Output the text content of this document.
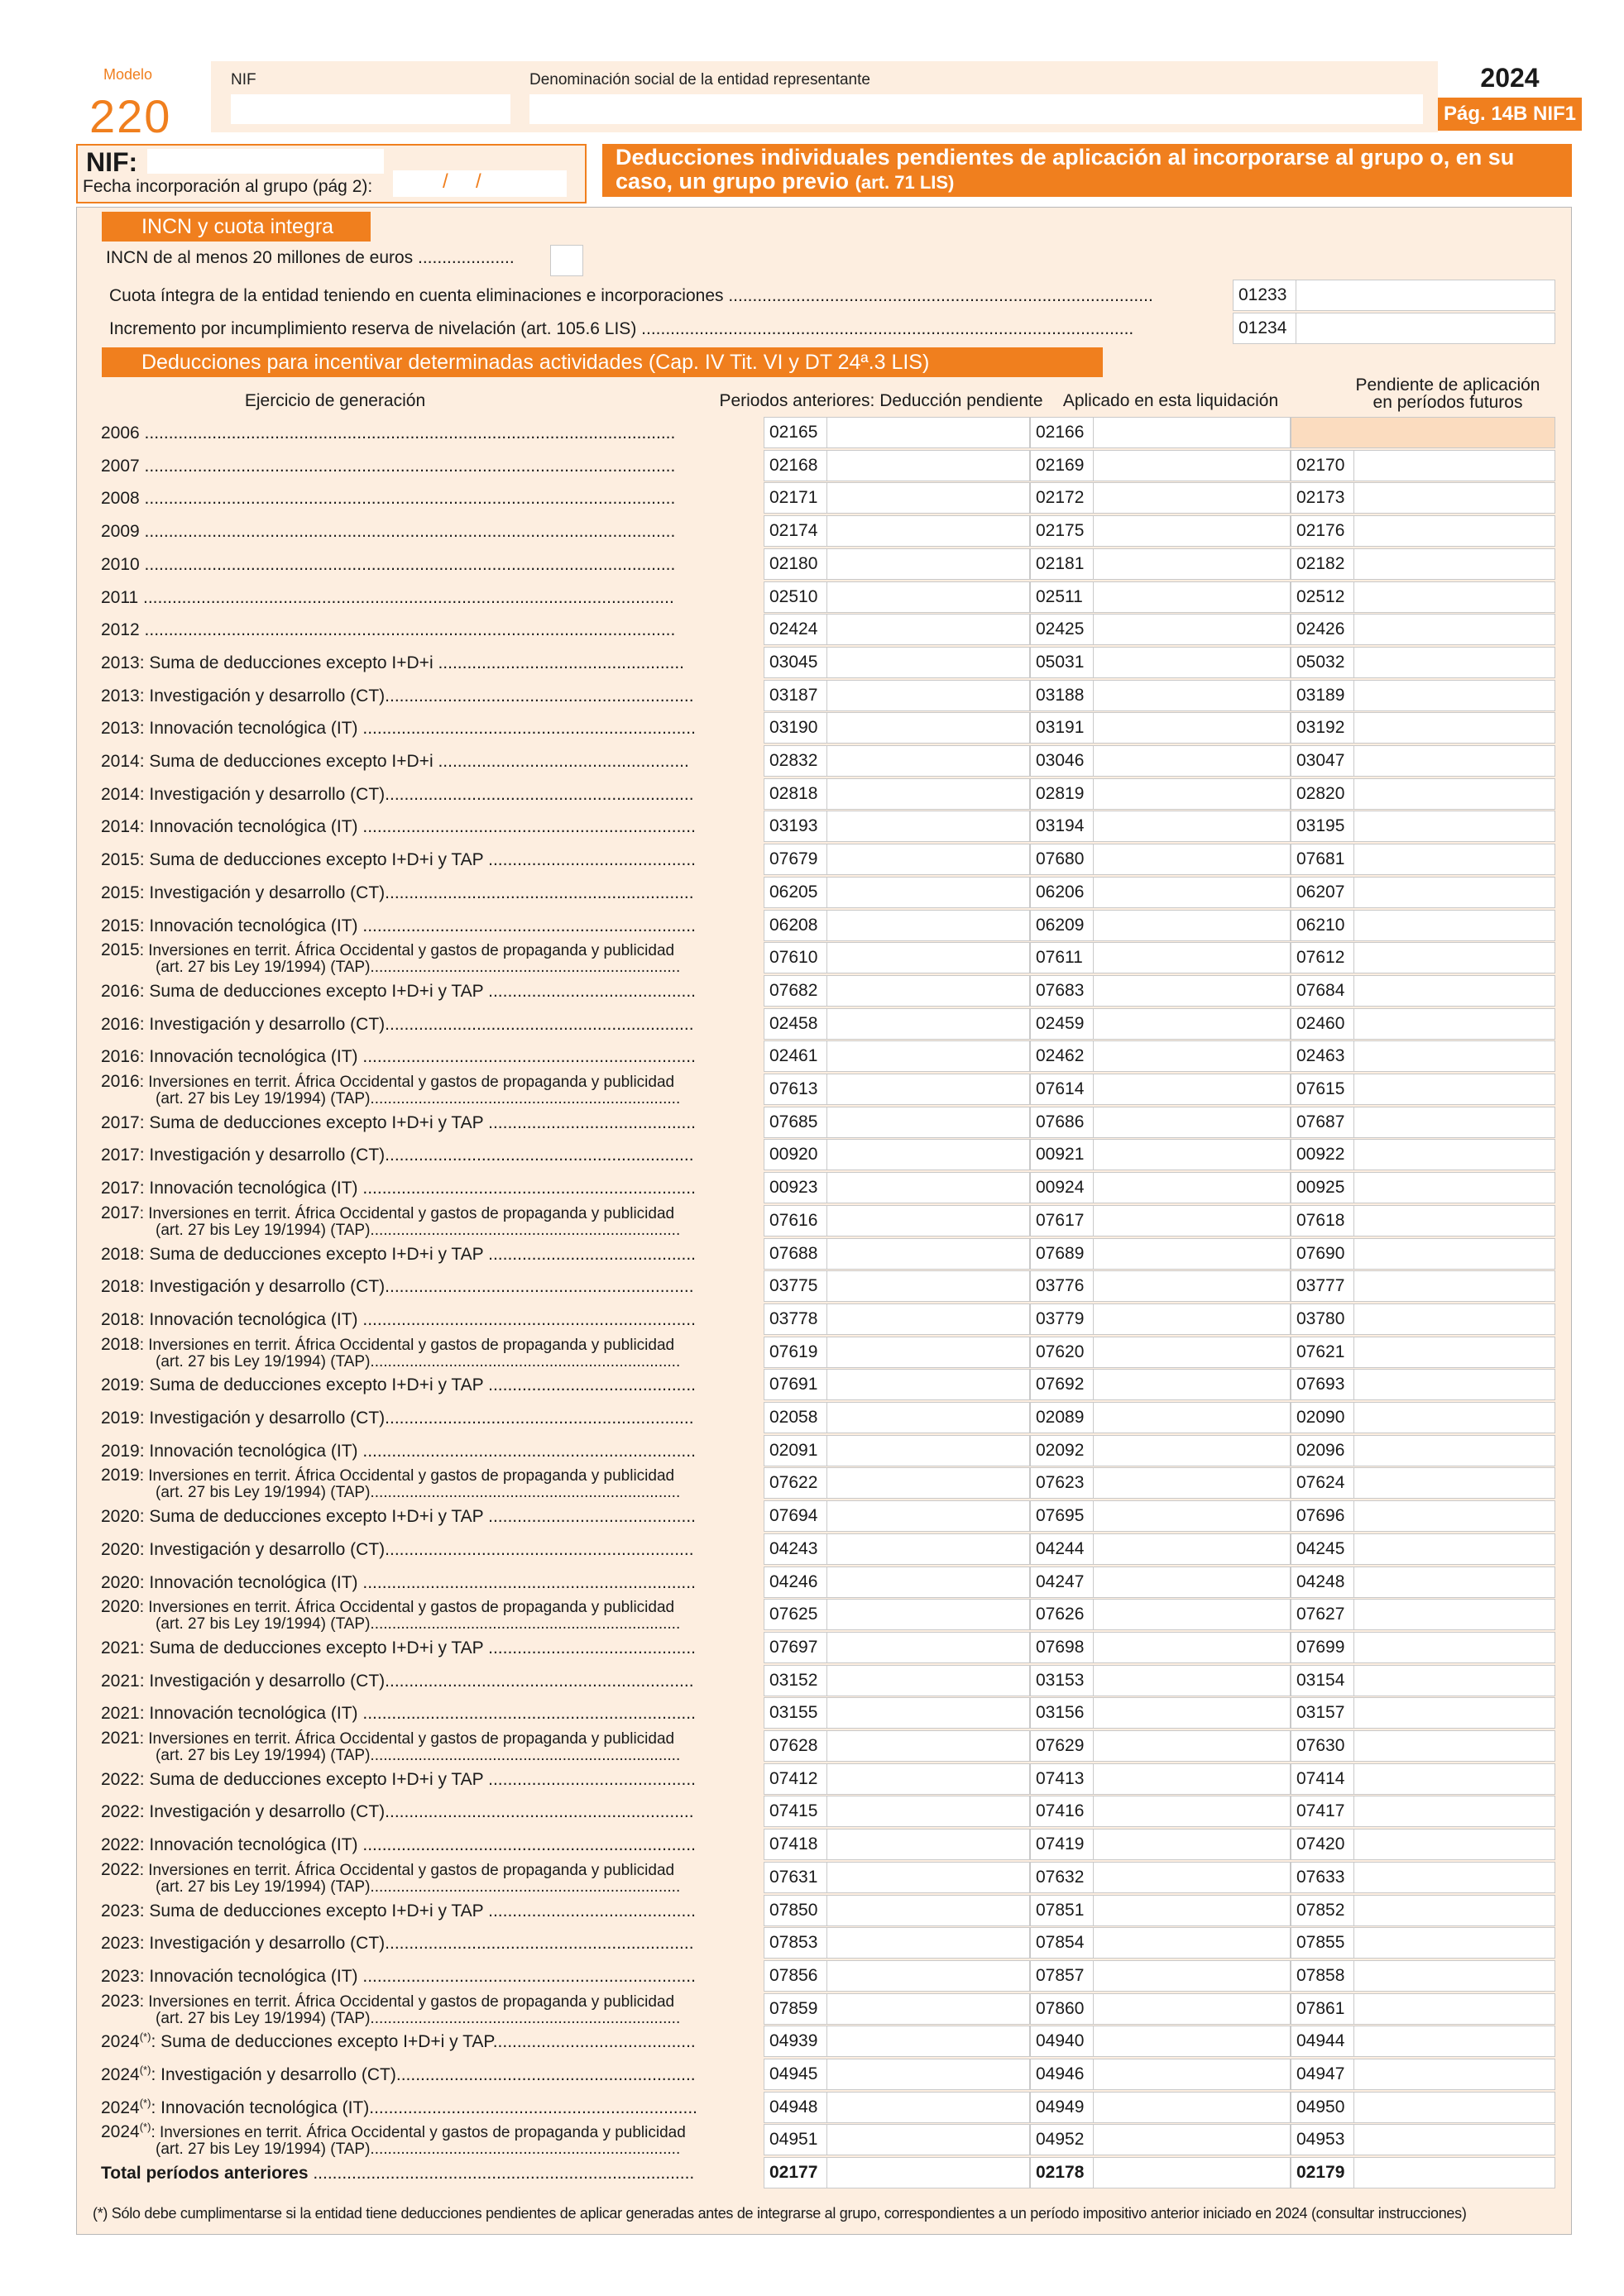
Modelo
220
NIF	Denominación social de la entidad representante	2024
Pág. 14B NIF1
NIF:
Fecha incorporación al grupo (pág 2):	/     /
Deducciones individuales pendientes de aplicación al incorporarse al grupo o, en su caso, un grupo previo (art. 71 LIS)
INCN y cuota integra
INCN de al menos 20 millones de euros ....................
Cuota íntegra de la entidad teniendo en cuenta eliminaciones e incorporaciones ........................................................................................	01233
Incremento por incumplimiento reserva de nivelación (art. 105.6 LIS) ......................................................................................................	01234
Deducciones para incentivar determinadas actividades (Cap. IV Tit. VI y DT 24ª.3 LIS)
Ejercicio de generación	Periodos anteriores: Deducción pendiente	Aplicado en esta liquidación
Pendiente de aplicación
en períodos futuros
2006 ..............................................................................................................	02165	02166
2007 ..............................................................................................................	02168	02169	02170
2008 ..............................................................................................................	02171	02172	02173
2009 ..............................................................................................................	02174	02175	02176
2010 ..............................................................................................................	02180	02181	02182
2011 ..............................................................................................................	02510	02511	02512
2012 ..............................................................................................................	02424	02425	02426
2013: Suma de deducciones excepto I+D+i ...................................................	03045	05031	05032
2013: Investigación y desarrollo (CT)................................................................	03187	03188	03189
2013: Innovación tecnológica (IT) .....................................................................	03190	03191	03192
2014: Suma de deducciones excepto I+D+i ....................................................	02832	03046	03047
2014: Investigación y desarrollo (CT)................................................................	02818	02819	02820
2014: Innovación tecnológica (IT) .....................................................................	03193	03194	03195
2015: Suma de deducciones excepto I+D+i y TAP ...........................................	07679	07680	07681
2015: Investigación y desarrollo (CT)................................................................	06205	06206	06207
2015: Innovación tecnológica (IT) .....................................................................	06208	06209	06210
2015: Inversiones en territ. África Occidental y gastos de propaganda y publicidad
(art. 27 bis Ley 19/1994) (TAP).......................................................................
07610	07611	07612
2016: Suma de deducciones excepto I+D+i y TAP ...........................................	07682	07683	07684
2016: Investigación y desarrollo (CT)................................................................	02458	02459	02460
2016: Innovación tecnológica (IT) .....................................................................	02461	02462	02463
2016: Inversiones en territ. África Occidental y gastos de propaganda y publicidad
(art. 27 bis Ley 19/1994) (TAP).......................................................................
07613	07614	07615
2017: Suma de deducciones excepto I+D+i y TAP ...........................................	07685	07686	07687
2017: Investigación y desarrollo (CT)................................................................	00920	00921	00922
2017: Innovación tecnológica (IT) .....................................................................	00923	00924	00925
2017: Inversiones en territ. África Occidental y gastos de propaganda y publicidad
(art. 27 bis Ley 19/1994) (TAP).......................................................................
07616	07617	07618
2018: Suma de deducciones excepto I+D+i y TAP ...........................................	07688	07689	07690
2018: Investigación y desarrollo (CT)................................................................	03775	03776	03777
2018: Innovación tecnológica (IT) .....................................................................	03778	03779	03780
2018: Inversiones en territ. África Occidental y gastos de propaganda y publicidad
(art. 27 bis Ley 19/1994) (TAP).......................................................................
07619	07620	07621
2019: Suma de deducciones excepto I+D+i y TAP ...........................................	07691	07692	07693
2019: Investigación y desarrollo (CT)................................................................	02058	02089	02090
2019: Innovación tecnológica (IT) .....................................................................	02091	02092	02096
2019: Inversiones en territ. África Occidental y gastos de propaganda y publicidad
(art. 27 bis Ley 19/1994) (TAP).......................................................................
07622	07623	07624
2020: Suma de deducciones excepto I+D+i y TAP ...........................................	07694	07695	07696
2020: Investigación y desarrollo (CT)................................................................	04243	04244	04245
2020: Innovación tecnológica (IT) .....................................................................	04246	04247	04248
2020: Inversiones en territ. África Occidental y gastos de propaganda y publicidad
(art. 27 bis Ley 19/1994) (TAP).......................................................................
07625	07626	07627
2021: Suma de deducciones excepto I+D+i y TAP ...........................................	07697	07698	07699
2021: Investigación y desarrollo (CT)................................................................	03152	03153	03154
2021: Innovación tecnológica (IT) .....................................................................	03155	03156	03157
2021: Inversiones en territ. África Occidental y gastos de propaganda y publicidad
(art. 27 bis Ley 19/1994) (TAP).......................................................................
07628	07629	07630
2022: Suma de deducciones excepto I+D+i y TAP ...........................................	07412	07413	07414
2022: Investigación y desarrollo (CT)................................................................	07415	07416	07417
2022: Innovación tecnológica (IT) .....................................................................	07418	07419	07420
2022: Inversiones en territ. África Occidental y gastos de propaganda y publicidad
(art. 27 bis Ley 19/1994) (TAP).......................................................................
07631	07632	07633
2023: Suma de deducciones excepto I+D+i y TAP ...........................................	07850	07851	07852
2023: Investigación y desarrollo (CT)................................................................	07853	07854	07855
2023: Innovación tecnológica (IT) .....................................................................	07856	07857	07858
2023: Inversiones en territ. África Occidental y gastos de propaganda y publicidad
(art. 27 bis Ley 19/1994) (TAP).......................................................................
07859	07860	07861
2024(*): Suma de deducciones excepto I+D+i y TAP..........................................	04939	04940	04944
2024(*): Investigación y desarrollo (CT)..............................................................	04945	04946	04947
2024(*): Innovación tecnológica (IT)....................................................................	04948	04949	04950
2024(*): Inversiones en territ. África Occidental y gastos de propaganda y publicidad
(art. 27 bis Ley 19/1994) (TAP).......................................................................
04951	04952	04953
Total períodos anteriores ...............................................................................	02177	02178	02179
(*) Sólo debe cumplimentarse si la entidad tiene deducciones pendientes de aplicar generadas antes de integrarse al grupo, correspondientes a un período impositivo anterior iniciado en 2024 (consultar instrucciones)
